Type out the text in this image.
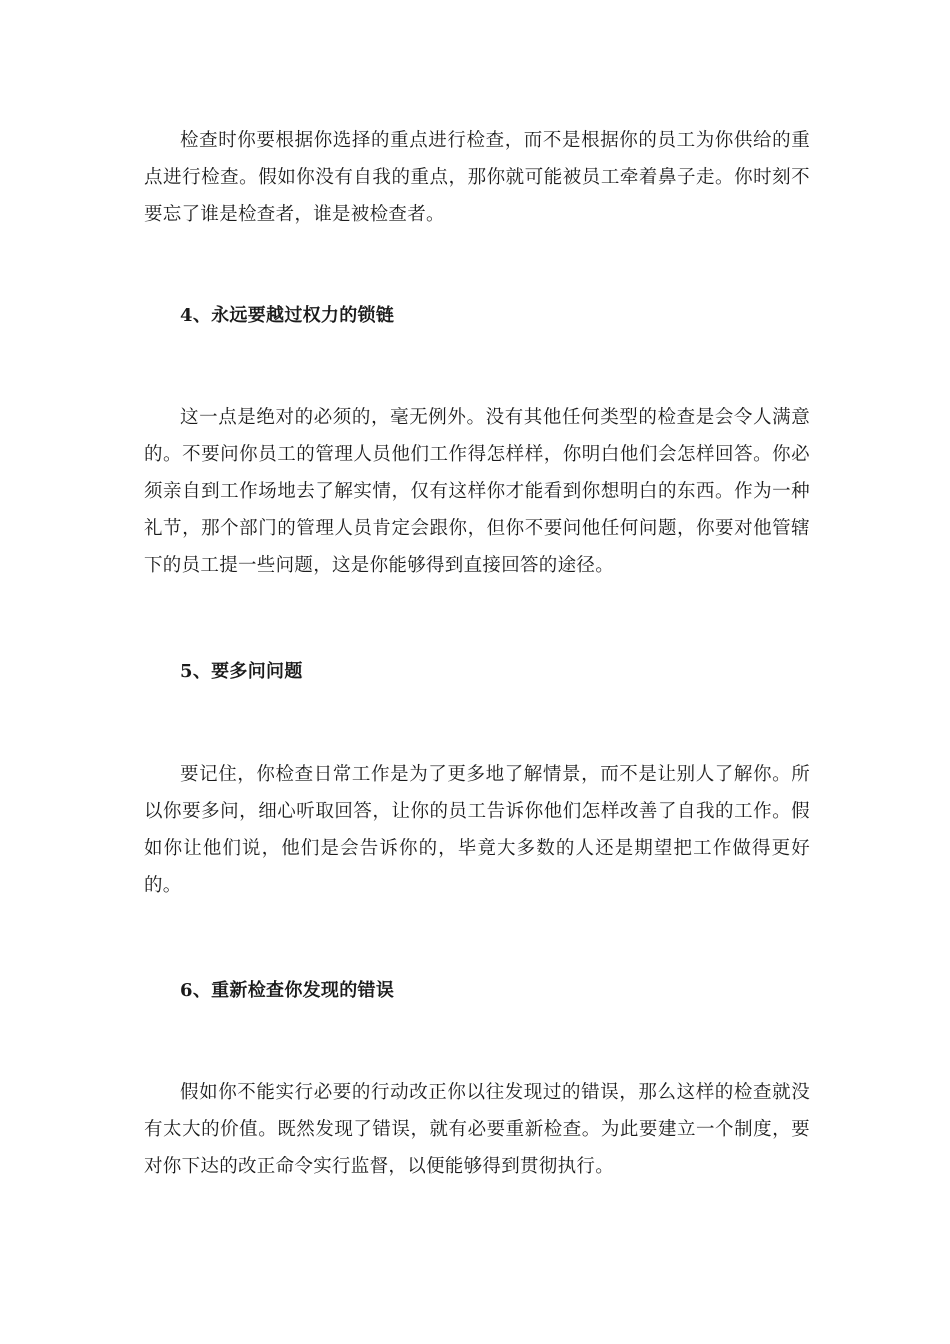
检查时你要根据你选择的重点进行检查，而不是根据你的员工为你供给的重点进行检查。假如你没有自我的重点，那你就可能被员工牵着鼻子走。你时刻不要忘了谁是检查者，谁是被检查者。

4、永远要越过权力的锁链

这一点是绝对的必须的，毫无例外。没有其他任何类型的检查是会令人满意的。不要问你员工的管理人员他们工作得怎样样，你明白他们会怎样回答。你必须亲自到工作场地去了解实情，仅有这样你才能看到你想明白的东西。作为一种礼节，那个部门的管理人员肯定会跟你，但你不要问他任何问题，你要对他管辖下的员工提一些问题，这是你能够得到直接回答的途径。

5、要多问问题

要记住，你检查日常工作是为了更多地了解情景，而不是让别人了解你。所以你要多问，细心听取回答，让你的员工告诉你他们怎样改善了自我的工作。假如你让他们说，他们是会告诉你的，毕竟大多数的人还是期望把工作做得更好的。

6、重新检查你发现的错误

假如你不能实行必要的行动改正你以往发现过的错误，那么这样的检查就没有太大的价值。既然发现了错误，就有必要重新检查。为此要建立一个制度，要对你下达的改正命令实行监督，以便能够得到贯彻执行。
